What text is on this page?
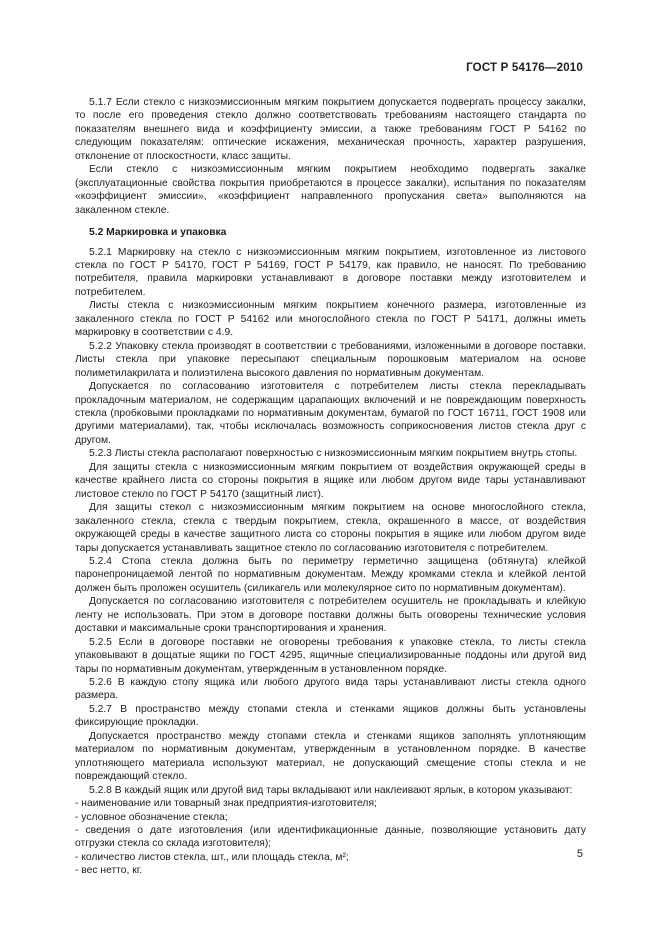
ГОСТ Р 54176—2010

5.1.7 Если стекло с низкоэмиссионным мягким покрытием допускается подвергать процессу закалки, то после его проведения стекло должно соответствовать требованиям настоящего стандарта по показателям внешнего вида и коэффициенту эмиссии, а также требованиям ГОСТ Р 54162 по следующим показателям: оптические искажения, механическая прочность, характер разрушения, отклонение от плоскостности, класс защиты.

Если стекло с низкоэмиссионным мягким покрытием необходимо подвергать закалке (эксплуатационные свойства покрытия приобретаются в процессе закалки), испытания по показателям «коэффициент эмиссии», «коэффициент направленного пропускания света» выполняются на закаленном стекле.

5.2 Маркировка и упаковка

5.2.1 Маркировку на стекло с низкоэмиссионным мягким покрытием, изготовленное из листового стекла по ГОСТ Р 54170, ГОСТ Р 54169, ГОСТ Р 54179, как правило, не наносят. По требованию потребителя, правила маркировки устанавливают в договоре поставки между изготовителем и потребителем.

Листы стекла с низкоэмиссионным мягким покрытием конечного размера, изготовленные из закаленного стекла по ГОСТ Р 54162 или многослойного стекла по ГОСТ Р 54171, должны иметь маркировку в соответствии с 4.9.

5.2.2 Упаковку стекла производят в соответствии с требованиями, изложенными в договоре поставки. Листы стекла при упаковке пересыпают специальным порошковым материалом на основе полиметилакрилата и полиэтилена высокого давления по нормативным документам.

Допускается по согласованию изготовителя с потребителем листы стекла перекладывать прокладочным материалом, не содержащим царапающих включений и не повреждающим поверхность стекла (пробковыми прокладками по нормативным документам, бумагой по ГОСТ 16711, ГОСТ 1908 или другими материалами), так, чтобы исключалась возможность соприкосновения листов стекла друг с другом.

5.2.3 Листы стекла располагают поверхностью с низкоэмиссионным мягким покрытием внутрь стопы.

Для защиты стекла с низкоэмиссионным мягким покрытием от воздействия окружающей среды в качестве крайнего листа со стороны покрытия в ящике или любом другом виде тары устанавливают листовое стекло по ГОСТ Р 54170 (защитный лист).

Для защиты стекол с низкоэмиссионным мягким покрытием на основе многослойного стекла, закаленного стекла, стекла с твердым покрытием, стекла, окрашенного в массе, от воздействия окружающей среды в качестве защитного листа со стороны покрытия в ящике или любом другом виде тары допускается устанавливать защитное стекло по согласованию изготовителя с потребителем.

5.2.4 Стопа стекла должна быть по периметру герметично защищена (обтянута) клейкой паронепроницаемой лентой по нормативным документам. Между кромками стекла и клейкой лентой должен быть проложен осушитель (силикагель или молекулярное сито по нормативным документам).

Допускается по согласованию изготовителя с потребителем осушитель не прокладывать и клейкую ленту не использовать. При этом в договоре поставки должны быть оговорены технические условия доставки и максимальные сроки транспортирования и хранения.

5.2.5 Если в договоре поставки не оговорены требования к упаковке стекла, то листы стекла упаковывают в дощатые ящики по ГОСТ 4295, ящичные специализированные поддоны или другой вид тары по нормативным документам, утвержденным в установленном порядке.

5.2.6 В каждую стопу ящика или любого другого вида тары устанавливают листы стекла одного размера.

5.2.7 В пространство между стопами стекла и стенками ящиков должны быть установлены фиксирующие прокладки.

Допускается пространство между стопами стекла и стенками ящиков заполнять уплотняющим материалом по нормативным документам, утвержденным в установленном порядке. В качестве уплотняющего материала используют материал, не допускающий смещение стопы стекла и не повреждающий стекло.

5.2.8 В каждый ящик или другой вид тары вкладывают или наклеивают ярлык, в котором указывают:

- наименование или товарный знак предприятия-изготовителя;

- условное обозначение стекла;

- сведения о дате изготовления (или идентификационные данные, позволяющие установить дату отгрузки стекла со склада изготовителя);

- количество листов стекла, шт., или площадь стекла, м²;

- вес нетто, кг.

5
